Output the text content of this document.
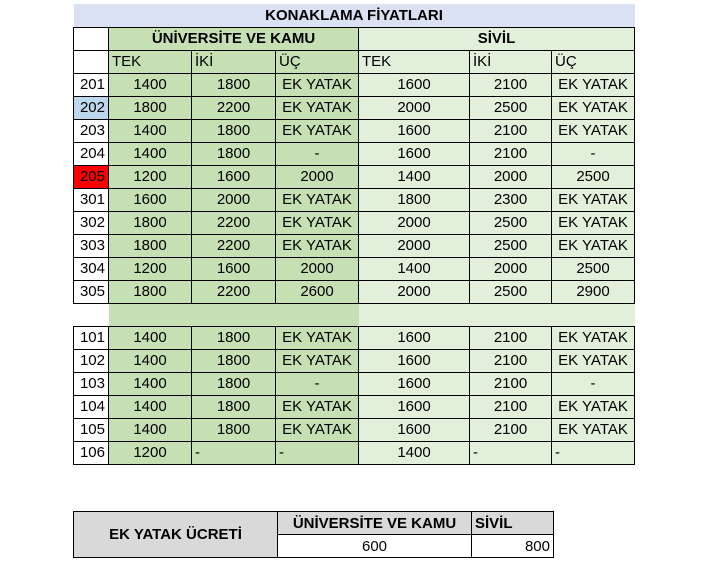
KONAKLAMA FİYATLARI						
	ÜNİVERSİTE VE KAMU			SİVİL		
	TEK	İKİ	ÜÇ	TEK	İKİ	ÜÇ
201	1400	1800	EK YATAK	1600	2100	EK YATAK
202	1800	2200	EK YATAK	2000	2500	EK YATAK
203	1400	1800	EK YATAK	1600	2100	EK YATAK
204	1400	1800	-	1600	2100	-
205	1200	1600	2000	1400	2000	2500
301	1600	2000	EK YATAK	1800	2300	EK YATAK
302	1800	2200	EK YATAK	2000	2500	EK YATAK
303	1800	2200	EK YATAK	2000	2500	EK YATAK
304	1200	1600	2000	1400	2000	2500
305	1800	2200	2600	2000	2500	2900

101	1400	1800	EK YATAK	1600	2100	EK YATAK
102	1400	1800	EK YATAK	1600	2100	EK YATAK
103	1400	1800	-	1600	2100	-
104	1400	1800	EK YATAK	1600	2100	EK YATAK
105	1400	1800	EK YATAK	1600	2100	EK YATAK
106	1200	-	-	1400	-	-
EK YATAK ÜCRETİ	ÜNİVERSİTE VE KAMU	SİVİL
	600	800
